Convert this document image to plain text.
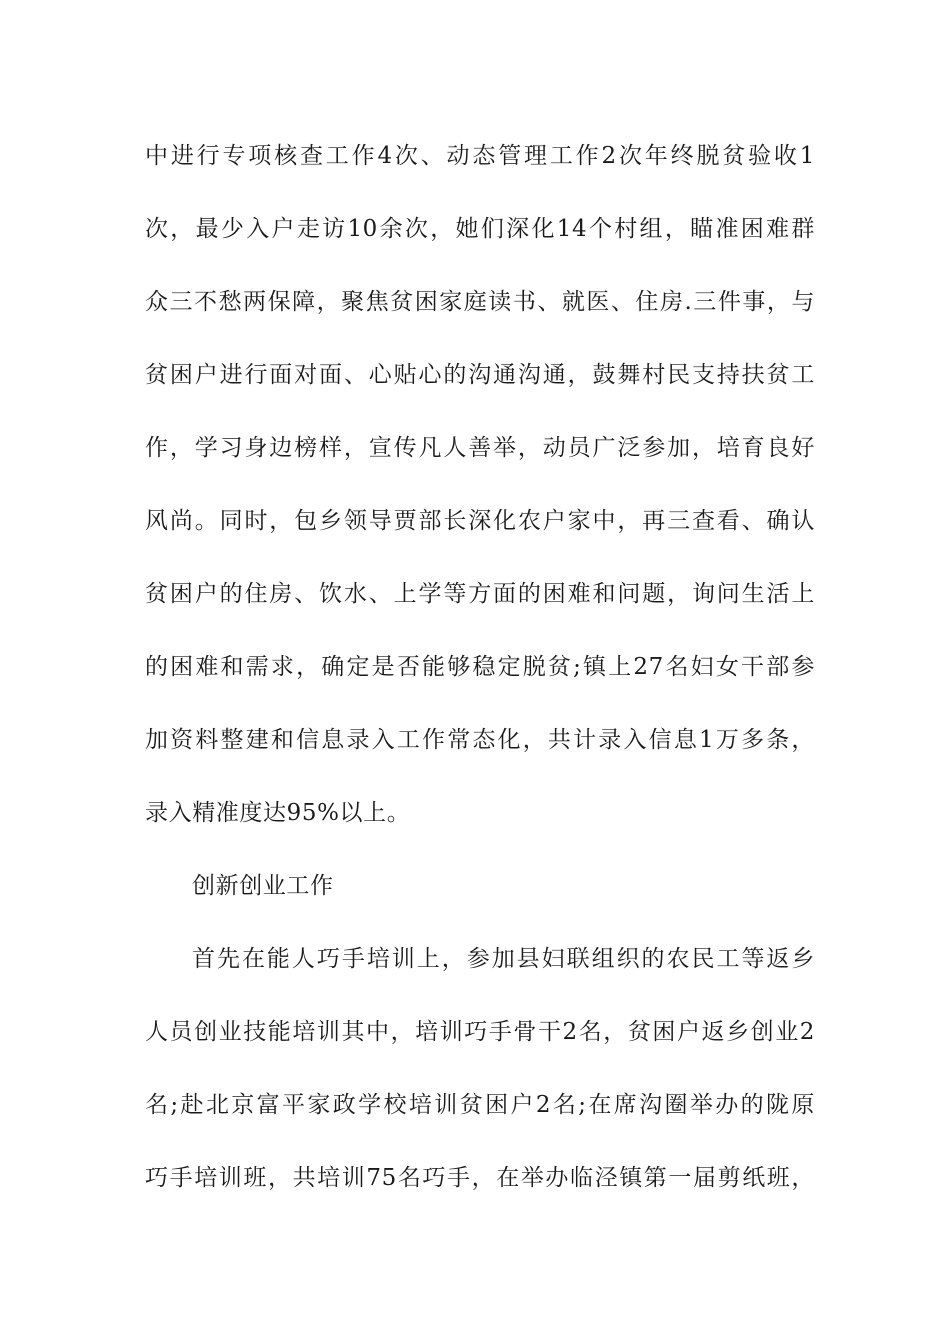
中进行专项核查工作4次、动态管理工作2次年终脱贫验收1
次，最少入户走访10余次，她们深化14个村组，瞄准困难群
众三不愁两保障，聚焦贫困家庭读书、就医、住房.三件事，与
贫困户进行面对面、心贴心的沟通沟通，鼓舞村民支持扶贫工
作，学习身边榜样，宣传凡人善举，动员广泛参加，培育良好
风尚。同时，包乡领导贾部长深化农户家中，再三查看、确认
贫困户的住房、饮水、上学等方面的困难和问题，询问生活上
的困难和需求，确定是否能够稳定脱贫;镇上27名妇女干部参
加资料整建和信息录入工作常态化，共计录入信息1万多条，
录入精准度达95%以上。
创新创业工作
首先在能人巧手培训上，参加县妇联组织的农民工等返乡
人员创业技能培训其中，培训巧手骨干2名，贫困户返乡创业2
名;赴北京富平家政学校培训贫困户2名;在席沟圈举办的陇原
巧手培训班，共培训75名巧手，在举办临泾镇第一届剪纸班，
